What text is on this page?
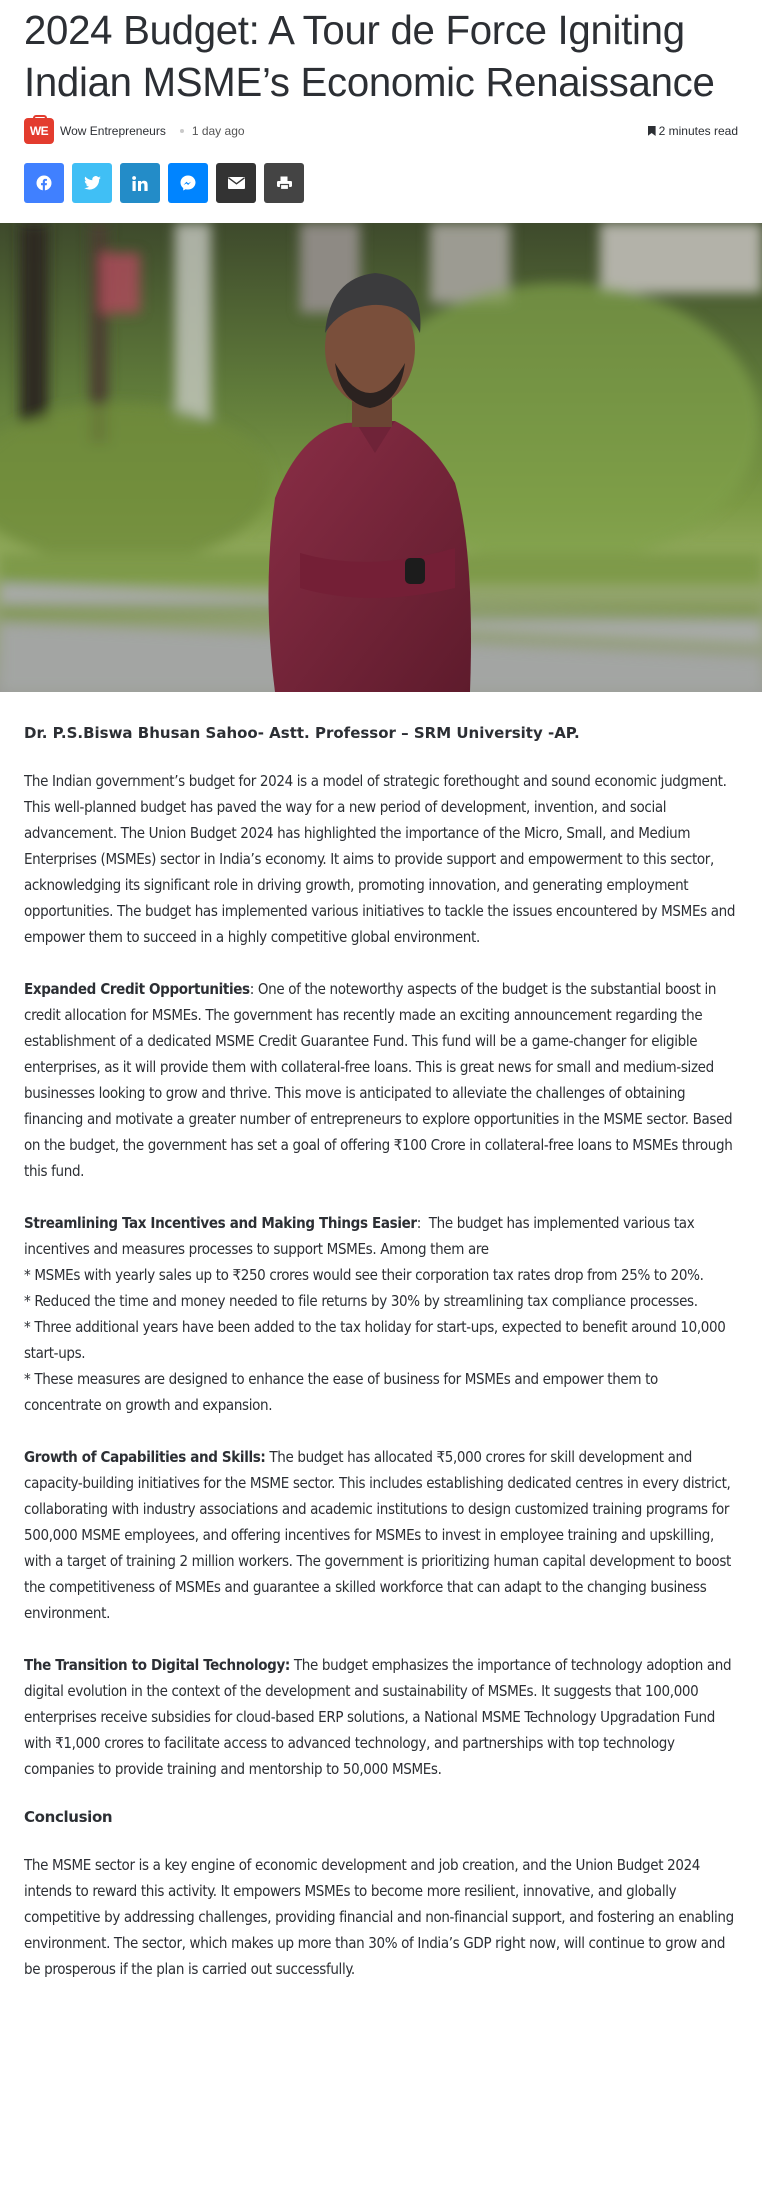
2024 Budget: A Tour de Force Igniting Indian MSME’s Economic Renaissance
WE Wow Entrepreneurs 1 day ago	2 minutes read
Dr. P.S.Biswa Bhusan Sahoo- Astt. Professor – SRM University -AP.

The Indian government’s budget for 2024 is a model of strategic forethought and sound economic judgment. This well-planned budget has paved the way for a new period of development, invention, and social advancement. The Union Budget 2024 has highlighted the importance of the Micro, Small, and Medium Enterprises (MSMEs) sector in India’s economy. It aims to provide support and empowerment to this sector, acknowledging its significant role in driving growth, promoting innovation, and generating employment opportunities. The budget has implemented various initiatives to tackle the issues encountered by MSMEs and empower them to succeed in a highly competitive global environment.

Expanded Credit Opportunities: One of the noteworthy aspects of the budget is the substantial boost in credit allocation for MSMEs. The government has recently made an exciting announcement regarding the establishment of a dedicated MSME Credit Guarantee Fund. This fund will be a game-changer for eligible enterprises, as it will provide them with collateral-free loans. This is great news for small and medium-sized businesses looking to grow and thrive. This move is anticipated to alleviate the challenges of obtaining financing and motivate a greater number of entrepreneurs to explore opportunities in the MSME sector. Based on the budget, the government has set a goal of offering ₹100 Crore in collateral-free loans to MSMEs through this fund.

Streamlining Tax Incentives and Making Things Easier:  The budget has implemented various tax incentives and measures processes to support MSMEs. Among them are
* MSMEs with yearly sales up to ₹250 crores would see their corporation tax rates drop from 25% to 20%.
* Reduced the time and money needed to file returns by 30% by streamlining tax compliance processes.
* Three additional years have been added to the tax holiday for start-ups, expected to benefit around 10,000 start-ups.
* These measures are designed to enhance the ease of business for MSMEs and empower them to concentrate on growth and expansion.

Growth of Capabilities and Skills: The budget has allocated ₹5,000 crores for skill development and capacity-building initiatives for the MSME sector. This includes establishing dedicated centres in every district, collaborating with industry associations and academic institutions to design customized training programs for 500,000 MSME employees, and offering incentives for MSMEs to invest in employee training and upskilling, with a target of training 2 million workers. The government is prioritizing human capital development to boost the competitiveness of MSMEs and guarantee a skilled workforce that can adapt to the changing business environment.

The Transition to Digital Technology: The budget emphasizes the importance of technology adoption and digital evolution in the context of the development and sustainability of MSMEs. It suggests that 100,000 enterprises receive subsidies for cloud-based ERP solutions, a National MSME Technology Upgradation Fund with ₹1,000 crores to facilitate access to advanced technology, and partnerships with top technology companies to provide training and mentorship to 50,000 MSMEs.

Conclusion

The MSME sector is a key engine of economic development and job creation, and the Union Budget 2024 intends to reward this activity. It empowers MSMEs to become more resilient, innovative, and globally competitive by addressing challenges, providing financial and non-financial support, and fostering an enabling environment. The sector, which makes up more than 30% of India’s GDP right now, will continue to grow and be prosperous if the plan is carried out successfully.
